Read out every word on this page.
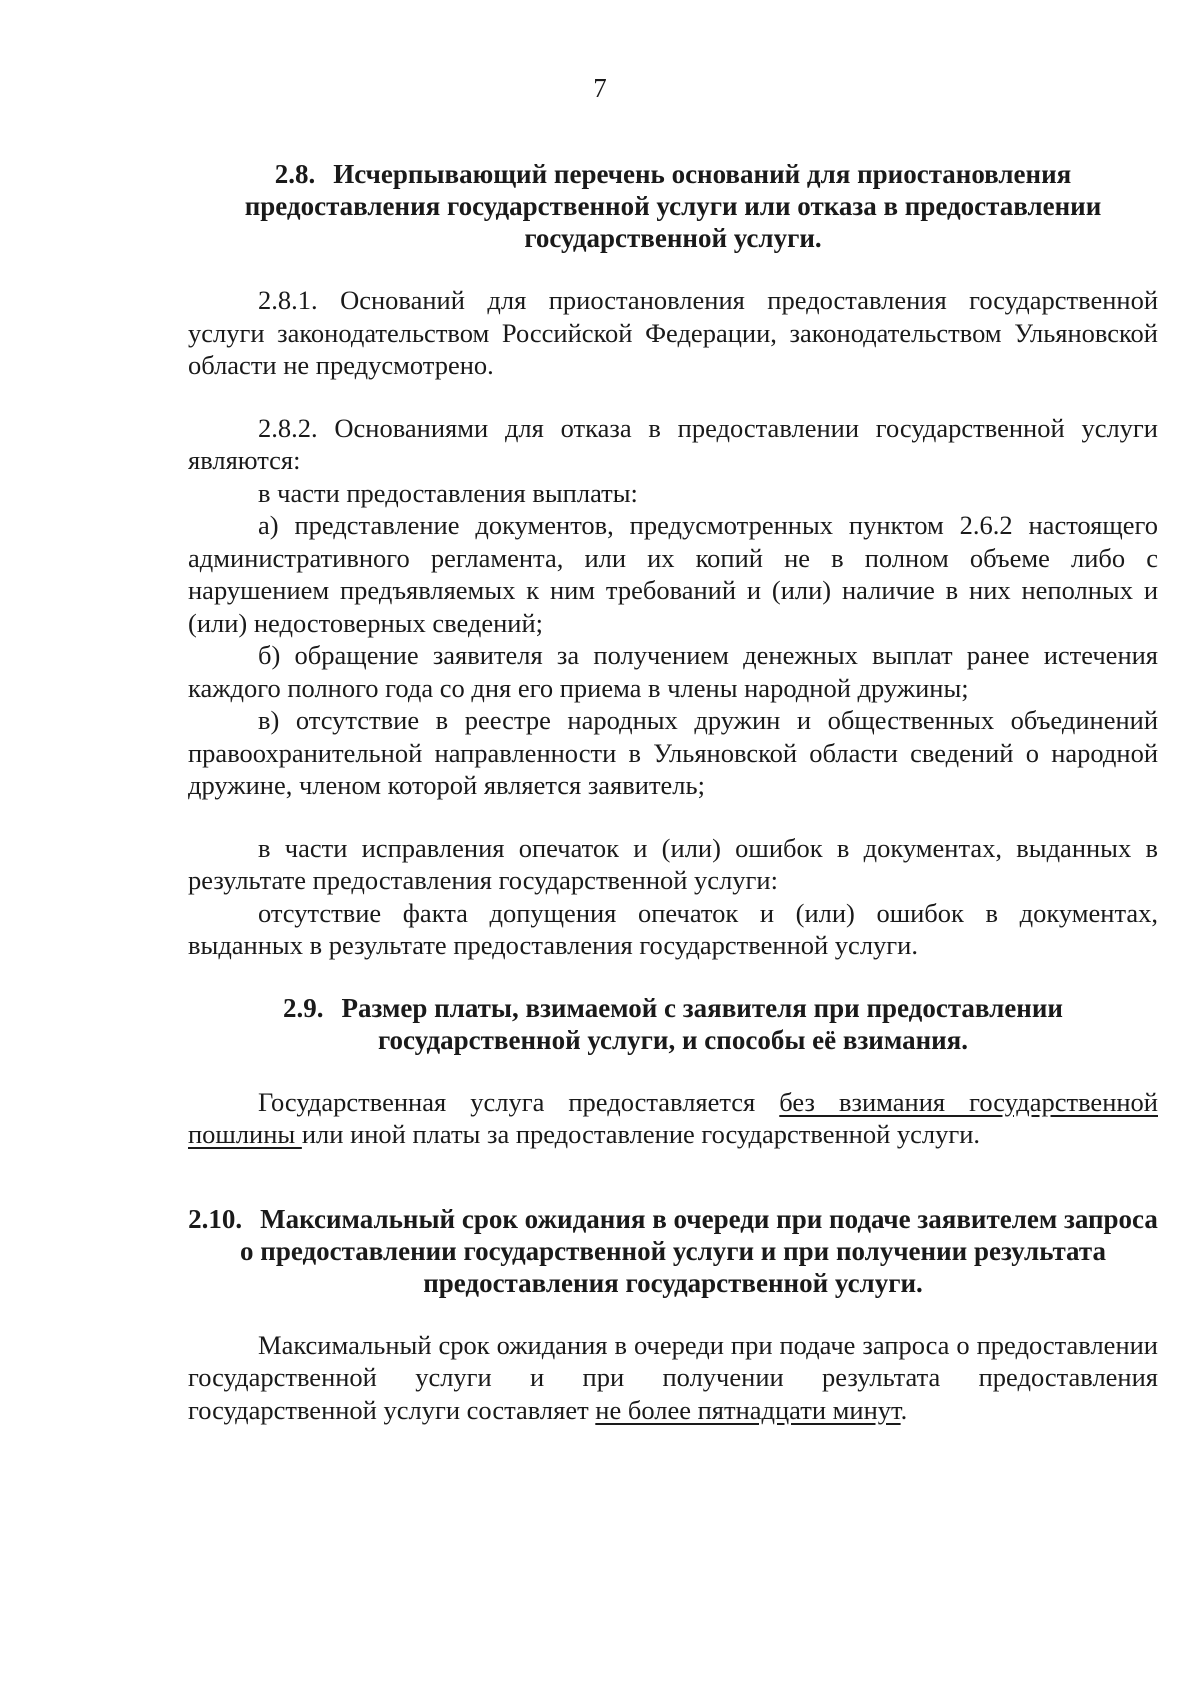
7
2.8. Исчерпывающий перечень оснований для приостановления предоставления государственной услуги или отказа в предоставлении государственной услуги.

2.8.1. Оснований для приостановления предоставления государственной услуги законодательством Российской Федерации, законодательством Ульяновской области не предусмотрено.

2.8.2. Основаниями для отказа в предоставлении государственной услуги являются:

в части предоставления выплаты:

а) представление документов, предусмотренных пунктом 2.6.2 настоящего административного регламента, или их копий не в полном объеме либо с нарушением предъявляемых к ним требований и (или) наличие в них неполных и (или) недостоверных сведений;

б) обращение заявителя за получением денежных выплат ранее истечения каждого полного года со дня его приема в члены народной дружины;

в) отсутствие в реестре народных дружин и общественных объединений правоохранительной направленности в Ульяновской области сведений о народной дружине, членом которой является заявитель;

в части исправления опечаток и (или) ошибок в документах, выданных в результате предоставления государственной услуги:

отсутствие факта допущения опечаток и (или) ошибок в документах, выданных в результате предоставления государственной услуги.

2.9. Размер платы, взимаемой с заявителя при предоставлении государственной услуги, и способы её взимания.

Государственная услуга предоставляется без взимания государственной пошлины или иной платы за предоставление государственной услуги.

2.10. Максимальный срок ожидания в очереди при подаче заявителем запроса о предоставлении государственной услуги и при получении результата предоставления государственной услуги.

Максимальный срок ожидания в очереди при подаче запроса о предоставлении государственной услуги и при получении результата предоставления государственной услуги составляет не более пятнадцати минут.
